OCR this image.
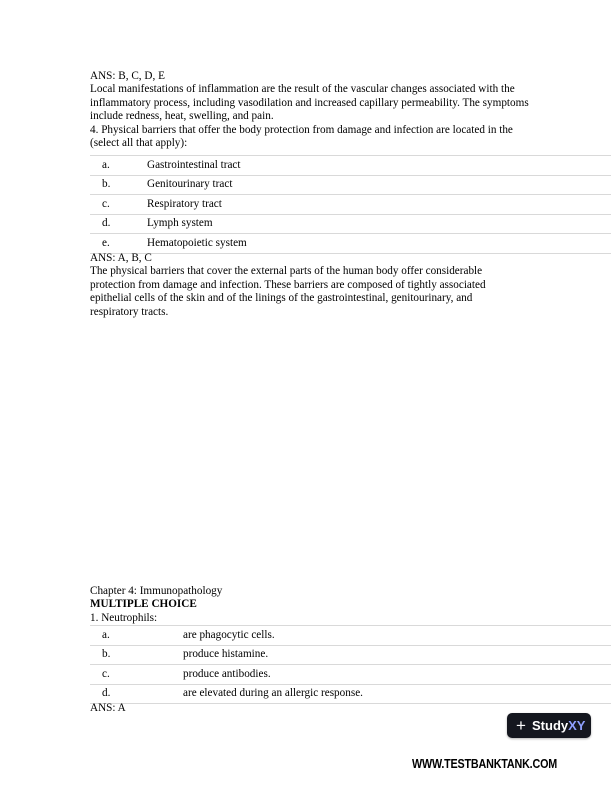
ANS: B, C, D, E

Local manifestations of inflammation are the result of the vascular changes associated with the inflammatory process, including vasodilation and increased capillary permeability. The symptoms include redness, heat, swelling, and pain.

4. Physical barriers that offer the body protection from damage and infection are located in the (select all that apply):

a.	Gastrointestinal tract
b.	Genitourinary tract
c.	Respiratory tract
d.	Lymph system
e.	Hematopoietic system

ANS: A, B, C

The physical barriers that cover the external parts of the human body offer considerable protection from damage and infection. These barriers are composed of tightly associated epithelial cells of the skin and of the linings of the gastrointestinal, genitourinary, and respiratory tracts.

Chapter 4: Immunopathology

MULTIPLE CHOICE

1. Neutrophils:

a.	are phagocytic cells.
b.	produce histamine.
c.	produce antibodies.
d.	are elevated during an allergic response.

ANS: A

+ Study XY
WWW.TESTBANKTANK.COM
